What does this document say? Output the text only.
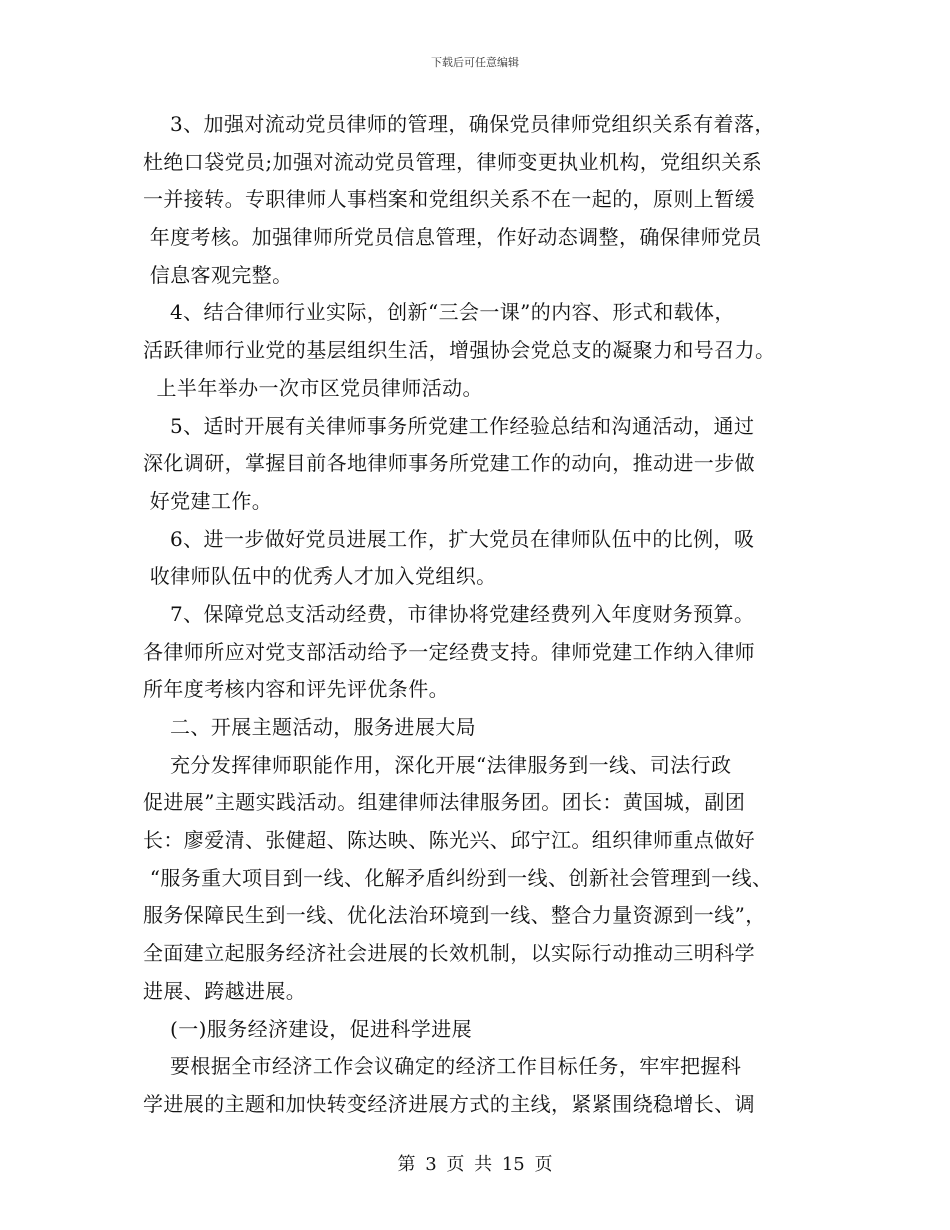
下载后可任意编辑
3、加强对流动党员律师的管理，确保党员律师党组织关系有着落，
杜绝口袋党员;加强对流动党员管理，律师变更执业机构，党组织关系
一并接转。专职律师人事档案和党组织关系不在一起的，原则上暂缓
年度考核。加强律师所党员信息管理，作好动态调整，确保律师党员
信息客观完整。
4、结合律师行业实际，创新“三会一课”的内容、形式和载体，
活跃律师行业党的基层组织生活，增强协会党总支的凝聚力和号召力。
上半年举办一次市区党员律师活动。
5、适时开展有关律师事务所党建工作经验总结和沟通活动，通过
深化调研，掌握目前各地律师事务所党建工作的动向，推动进一步做
好党建工作。
6、进一步做好党员进展工作，扩大党员在律师队伍中的比例，吸
收律师队伍中的优秀人才加入党组织。
7、保障党总支活动经费，市律协将党建经费列入年度财务预算。
各律师所应对党支部活动给予一定经费支持。律师党建工作纳入律师
所年度考核内容和评先评优条件。
二、开展主题活动，服务进展大局
充分发挥律师职能作用，深化开展“法律服务到一线、司法行政
促进展”主题实践活动。组建律师法律服务团。团长：黄国城，副团
长：廖爱清、张健超、陈达映、陈光兴、邱宁江。组织律师重点做好
“服务重大项目到一线、化解矛盾纠纷到一线、创新社会管理到一线、
服务保障民生到一线、优化法治环境到一线、整合力量资源到一线”，
全面建立起服务经济社会进展的长效机制，以实际行动推动三明科学
进展、跨越进展。
(一)服务经济建设，促进科学进展
要根据全市经济工作会议确定的经济工作目标任务，牢牢把握科
学进展的主题和加快转变经济进展方式的主线，紧紧围绕稳增长、调
第 3 页 共 15 页
